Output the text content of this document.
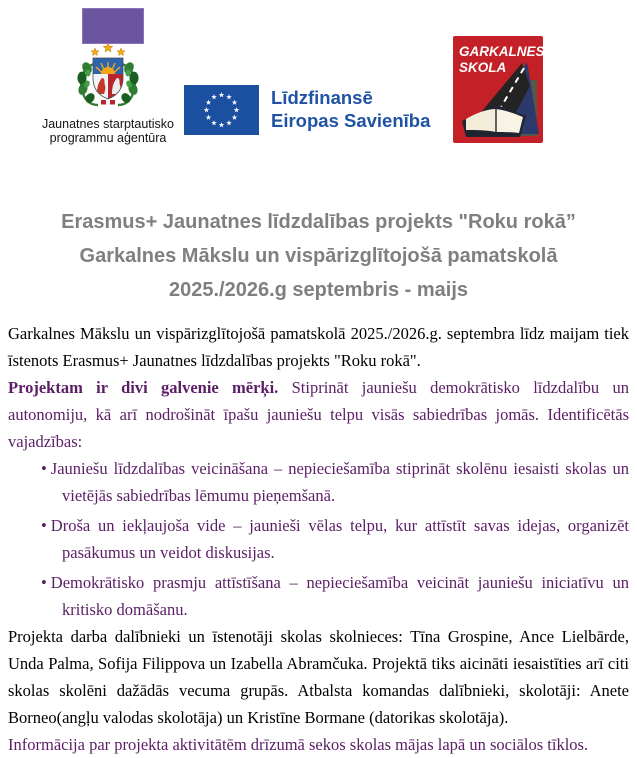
Jaunatnes starptautisko
programmu aģentūra
Līdzfinansē
Eiropas Savienība
GARKALNES
SKOLA
Erasmus+ Jaunatnes līdzdalības projekts "Roku rokā”
Garkalnes Mākslu un vispārizglītojošā pamatskolā
2025./2026.g septembris - maijs

Garkalnes Mākslu un vispārizglītojošā pamatskolā 2025./2026.g. septembra līdz maijam tiek īstenots Erasmus+ Jaunatnes līdzdalības projekts "Roku rokā".

Projektam ir divi galvenie mērķi. Stiprināt jauniešu demokrātisko līdzdalību un autonomiju, kā arī nodrošināt īpašu jauniešu telpu visās sabiedrības jomās. Identificētās vajadzības:

• Jauniešu līdzdalības veicināšana – nepieciešamība stiprināt skolēnu iesaisti skolas un vietējās sabiedrības lēmumu pieņemšanā.
• Droša un iekļaujoša vide – jaunieši vēlas telpu, kur attīstīt savas idejas, organizēt pasākumus un veidot diskusijas.
• Demokrātisko prasmju attīstīšana – nepieciešamība veicināt jauniešu iniciatīvu un kritisko domāšanu.

Projekta darba dalībnieki un īstenotāji skolas skolnieces: Tīna Grospine, Ance Lielbārde, Unda Palma, Sofija Filippova un Izabella Abramčuka. Projektā tiks aicināti iesaistīties arī citi skolas skolēni dažādās vecuma grupās. Atbalsta komandas dalībnieki, skolotāji: Anete Borneo(angļu valodas skolotāja) un Kristīne Bormane (datorikas skolotāja).

Informācija par projekta aktivitātēm drīzumā sekos skolas mājas lapā un sociālos tīklos.
